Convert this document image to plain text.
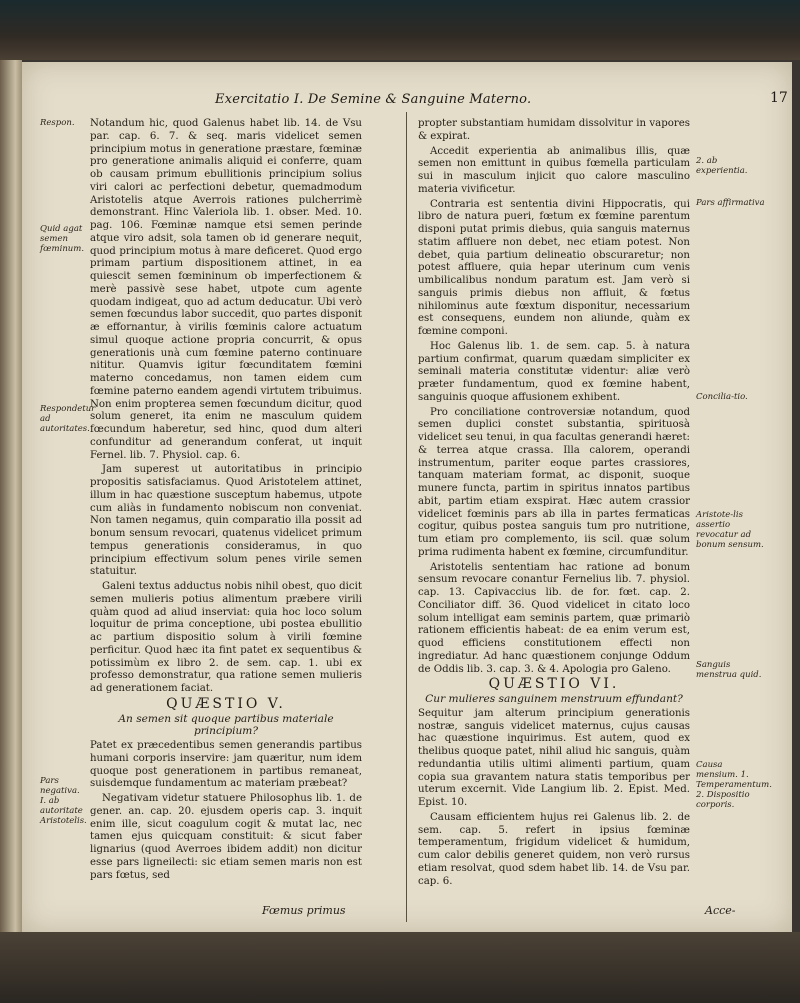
Exercitatio I. De Semine & Sanguine Materno.	17

Notandum hic, quod Galenus habet lib. 14. de Vsu par. cap. 6. 7. & seq. maris videlicet semen principium motus in generatione præstare, fœminæ pro generatione animalis aliquid ei conferre, quam ob causam primum ebullitionis principium solius viri calori ac perfectioni debetur, quemadmodum Aristotelis atque Averrois rationes pulcherrimè demonstrant. Hinc Valeriola lib. 1. obser. Med. 10. pag. 106. Fœminæ namque etsi semen perinde atque viro adsit, sola tamen ob id generare nequit, quod principium motus à mare deficeret. Quod ergo primam partium dispositionem attinet, in ea quiescit semen fœmininum ob imperfectionem & merè passivè sese habet, utpote cum agente quodam indigeat, quo ad actum deducatur. Ubi verò semen fœcundus labor succedit, quo partes disponit æ effornantur, à virilis fœminis calore actuatum simul quoque actione propria concurrit, & opus generationis unà cum fœmine paterno continuare nititur. Quamvis igitur fœcunditatem fœmini materno concedamus, non tamen eidem cum fœmine paterno eandem agendi virtutem tribuimus. Non enim propterea semen fœcundum dicitur, quod solum generet, ita enim ne masculum quidem fœcundum haberetur, sed hinc, quod dum alteri confunditur ad generandum conferat, ut inquit Fernel. lib. 7. Physiol. cap. 6.

Jam superest ut autoritatibus in principio propositis satisfaciamus. Quod Aristotelem attinet, illum in hac quæstione susceptum habemus, utpote cum aliàs in fundamento nobiscum non conveniat. Non tamen negamus, quin comparatio illa possit ad bonum sensum revocari, quatenus videlicet primum tempus generationis consideramus, in quo principium effectivum solum penes virile semen statuitur.

Galeni textus adductus nobis nihil obest, quo dicit semen mulieris potius alimentum præbere virili quàm quod ad aliud inserviat: quia hoc loco solum loquitur de prima conceptione, ubi postea ebullitio ac partium dispositio solum à virili fœmine perficitur. Quod hæc ita fint patet ex sequentibus & potissimùm ex libro 2. de sem. cap. 1. ubi ex professo demonstratur, qua ratione semen mulieris ad generationem faciat.

QUÆSTIO V.

An semen sit quoque partibus materiale principium?

Patet ex præcedentibus semen generandis partibus humani corporis inservire: jam quæritur, num idem quoque post generationem in partibus remaneat, suisdemque fundamentum ac materiam præbeat?

Negativam videtur statuere Philosophus lib. 1. de gener. an. cap. 20. ejusdem operis cap. 3. inquit enim ille, sicut coagulum cogit & mutat lac, nec tamen ejus quicquam constituit: & sicut faber lignarius (quod Averroes ibidem addit) non dicitur esse pars ligneilecti: sic etiam semen maris non est pars fœtus, sed

Fœmus primus

propter substantiam humidam dissolvitur in vapores & expirat.

Accedit experientia ab animalibus illis, quæ semen non emittunt in quibus fœmella particulam sui in masculum injicit quo calore masculino materia vivificetur.

Contraria est sententia divini Hippocratis, qui libro de natura pueri, fœtum ex fœmine parentum disponi putat primis diebus, quia sanguis maternus statim affluere non debet, nec etiam potest. Non debet, quia partium delineatio obscuraretur; non potest affluere, quia hepar uterinum cum venis umbilicalibus nondum paratum est. Jam verò si sanguis primis diebus non affluit, & fœtus nihilominus aute fœxtum disponitur, necessarium est consequens, eundem non aliunde, quàm ex fœmine componi.

Hoc Galenus lib. 1. de sem. cap. 5. à natura partium confirmat, quarum quædam simpliciter ex seminali materia constitutæ videntur: aliæ verò præter fundamentum, quod ex fœmine habent, sanguinis quoque affusionem exhibent.

Pro conciliatione controversiæ notandum, quod semen duplici constet substantia, spirituosà videlicet seu tenui, in qua facultas generandi hæret: & terrea atque crassa. Illa calorem, operandi instrumentum, pariter eoque partes crassiores, tanquam materiam format, ac disponit, suoque munere functa, partim in spiritus innatos partibus abit, partim etiam exspirat. Hæc autem crassior videlicet fœminis pars ab illa in partes fermaticas cogitur, quibus postea sanguis tum pro nutritione, tum etiam pro complemento, iis scil. quæ solum prima rudimenta habent ex fœmine, circumfunditur.

Aristotelis sententiam hac ratione ad bonum sensum revocare conantur Fernelius lib. 7. physiol. cap. 13. Capivaccius lib. de for. fœt. cap. 2. Conciliator diff. 36. Quod videlicet in citato loco solum intelligat eam seminis partem, quæ primariò rationem efficientis habeat: de ea enim verum est, quod efficiens constitutionem effecti non ingrediatur. Ad hanc quæstionem conjunge Oddum de Oddis lib. 3. cap. 3. & 4. Apologia pro Galeno.

QUÆSTIO VI.

Cur mulieres sanguinem menstruum effundant?

Sequitur jam alterum principium generationis nostræ, sanguis videlicet maternus, cujus causas hac quæstione inquirimus. Est autem, quod ex thelibus quoque patet, nihil aliud hic sanguis, quàm redundantia utilis ultimi alimenti partium, quam copia sua gravantem natura statis temporibus per uterum excernit. Vide Langium lib. 2. Epist. Med. Epist. 10.

Causam efficientem hujus rei Galenus lib. 2. de sem. cap. 5. refert in ipsius fœminæ temperamentum, frigidum videlicet & humidum, cum calor debilis generet quidem, non verò rursus etiam resolvat, quod sdem habet lib. 14. de Vsu par. cap. 6.

Acce-
Respon.
Quid agat semen fœminum.
Respondetur ad autoritates.
Pars negativa. I. ab autoritate Aristotelis.
2. ab experientia.
Pars affirmativa
Concilia-tio.
Aristote-lis assertio revocatur ad bonum sensum.
Sanguis menstrua quid.
Causa mensium. 1. Temperamentum. 2. Dispositio corporis.
